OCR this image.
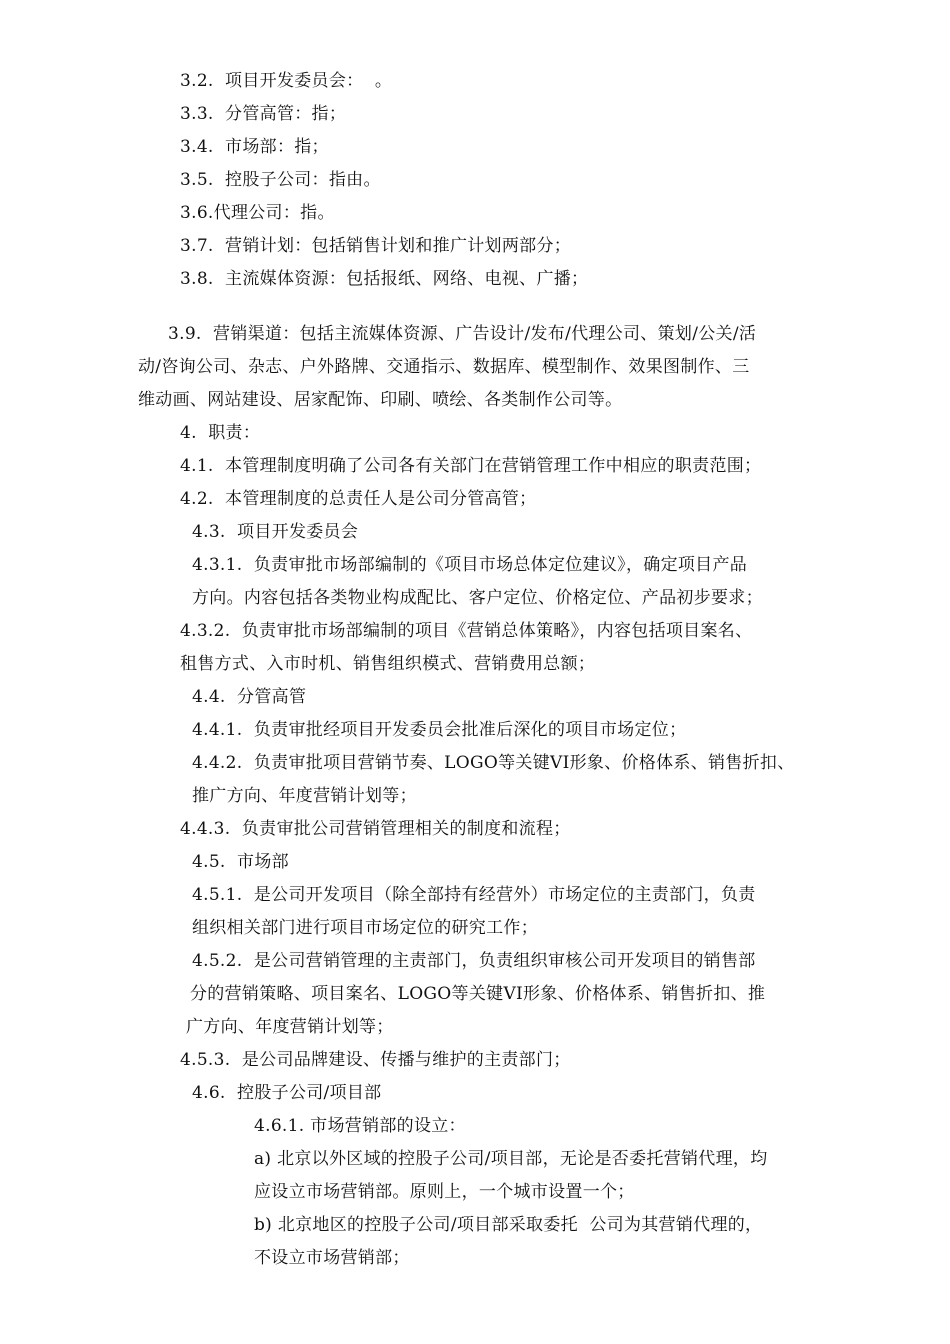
3.2.  项目开发委员会：  。
3.3.  分管高管：指；
3.4.  市场部：指；
3.5.  控股子公司：指由。
3.6.代理公司：指。
3.7.  营销计划：包括销售计划和推广计划两部分；
3.8.  主流媒体资源：包括报纸、网络、电视、广播；
3.9.  营销渠道：包括主流媒体资源、广告设计/发布/代理公司、策划/公关/活
动/咨询公司、杂志、户外路牌、交通指示、数据库、模型制作、效果图制作、三
维动画、网站建设、居家配饰、印刷、喷绘、各类制作公司等。
4.  职责：
4.1.  本管理制度明确了公司各有关部门在营销管理工作中相应的职责范围；
4.2.  本管理制度的总责任人是公司分管高管；
4.3.  项目开发委员会
4.3.1.  负责审批市场部编制的《项目市场总体定位建议》，确定项目产品
方向。内容包括各类物业构成配比、客户定位、价格定位、产品初步要求；
4.3.2.  负责审批市场部编制的项目《营销总体策略》，内容包括项目案名、
租售方式、入市时机、销售组织模式、营销费用总额；
4.4.  分管高管
4.4.1.  负责审批经项目开发委员会批准后深化的项目市场定位；
4.4.2.  负责审批项目营销节奏、LOGO等关键VI形象、价格体系、销售折扣、
推广方向、年度营销计划等；
4.4.3.  负责审批公司营销管理相关的制度和流程；
4.5.  市场部
4.5.1.  是公司开发项目（除全部持有经营外）市场定位的主责部门，负责
组织相关部门进行项目市场定位的研究工作；
4.5.2.  是公司营销管理的主责部门，负责组织审核公司开发项目的销售部
分的营销策略、项目案名、LOGO等关键VI形象、价格体系、销售折扣、推
广方向、年度营销计划等；
4.5.3.  是公司品牌建设、传播与维护的主责部门；
4.6.  控股子公司/项目部
4.6.1. 市场营销部的设立：
a) 北京以外区域的控股子公司/项目部，无论是否委托营销代理，均
应设立市场营销部。原则上，一个城市设置一个；
b) 北京地区的控股子公司/项目部采取委托  公司为其营销代理的，
不设立市场营销部；
